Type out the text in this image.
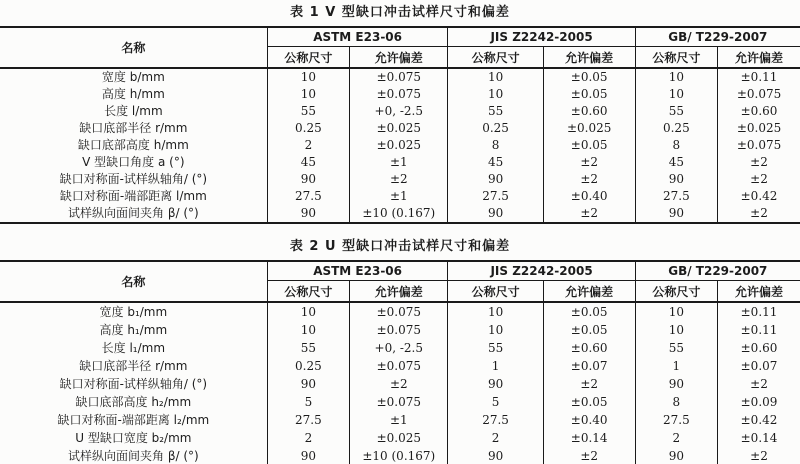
表 1 V 型缺口冲击试样尺寸和偏差
名称	ASTM E23-06		JIS Z2242-2005		GB/ T229-2007	
	公称尺寸	允许偏差	公称尺寸	允许偏差	公称尺寸	允许偏差
宽度 b/mm	10	±0.075	10	±0.05	10	±0.11
高度 h/mm	10	±0.075	10	±0.05	10	±0.075
长度 l/mm	55	+0, -2.5	55	±0.60	55	±0.60
缺口底部半径 r/mm	0.25	±0.025	0.25	±0.025	0.25	±0.025
缺口底部高度 h/mm	2	±0.025	8	±0.05	8	±0.075
V 型缺口角度 a (°)	45	±1	45	±2	45	±2
缺口对称面-试样纵轴角/ (°)	90	±2	90	±2	90	±2
缺口对称面-端部距离 l/mm	27.5	±1	27.5	±0.40	27.5	±0.42
试样纵向面间夹角 β/ (°)	90	±10 (0.167)	90	±2	90	±2
表 2 U 型缺口冲击试样尺寸和偏差
名称	ASTM E23-06		JIS Z2242-2005		GB/ T229-2007	
	公称尺寸	允许偏差	公称尺寸	允许偏差	公称尺寸	允许偏差
宽度 b₁/mm	10	±0.075	10	±0.05	10	±0.11
高度 h₁/mm	10	±0.075	10	±0.05	10	±0.11
长度 l₁/mm	55	+0, -2.5	55	±0.60	55	±0.60
缺口底部半径 r/mm	0.25	±0.075	1	±0.07	1	±0.07
缺口对称面-试样纵轴角/ (°)	90	±2	90	±2	90	±2
缺口底部高度 h₂/mm	5	±0.075	5	±0.05	8	±0.09
缺口对称面-端部距离 l₂/mm	27.5	±1	27.5	±0.40	27.5	±0.42
U 型缺口宽度 b₂/mm	2	±0.025	2	±0.14	2	±0.14
试样纵向面间夹角 β/ (°)	90	±10 (0.167)	90	±2	90	±2
